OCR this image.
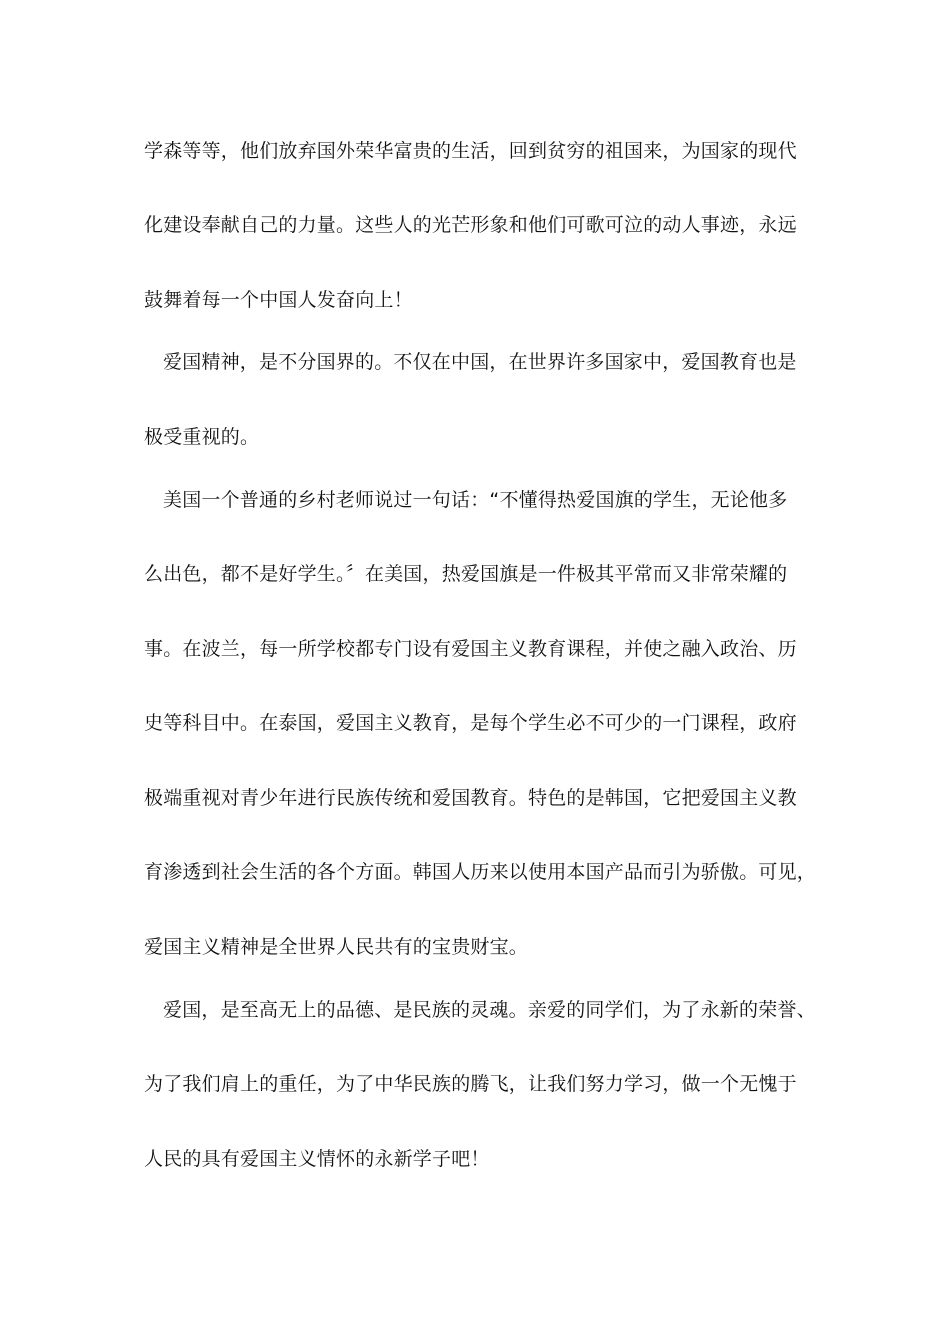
学森等等，他们放弃国外荣华富贵的生活，回到贫穷的祖国来，为国家的现代
化建设奉献自己的力量。这些人的光芒形象和他们可歌可泣的动人事迹，永远
鼓舞着每一个中国人发奋向上！
爱国精神，是不分国界的。不仅在中国，在世界许多国家中，爱国教育也是
极受重视的。
美国一个普通的乡村老师说过一句话：“不懂得热爱国旗的学生，无论他多
么出色，都不是好学生。〞在美国，热爱国旗是一件极其平常而又非常荣耀的
事。在波兰，每一所学校都专门设有爱国主义教育课程，并使之融入政治、历
史等科目中。在泰国，爱国主义教育，是每个学生必不可少的一门课程，政府
极端重视对青少年进行民族传统和爱国教育。特色的是韩国，它把爱国主义教
育渗透到社会生活的各个方面。韩国人历来以使用本国产品而引为骄傲。可见，
爱国主义精神是全世界人民共有的宝贵财宝。
爱国，是至高无上的品德、是民族的灵魂。亲爱的同学们，为了永新的荣誉、
为了我们肩上的重任，为了中华民族的腾飞，让我们努力学习，做一个无愧于
人民的具有爱国主义情怀的永新学子吧！
